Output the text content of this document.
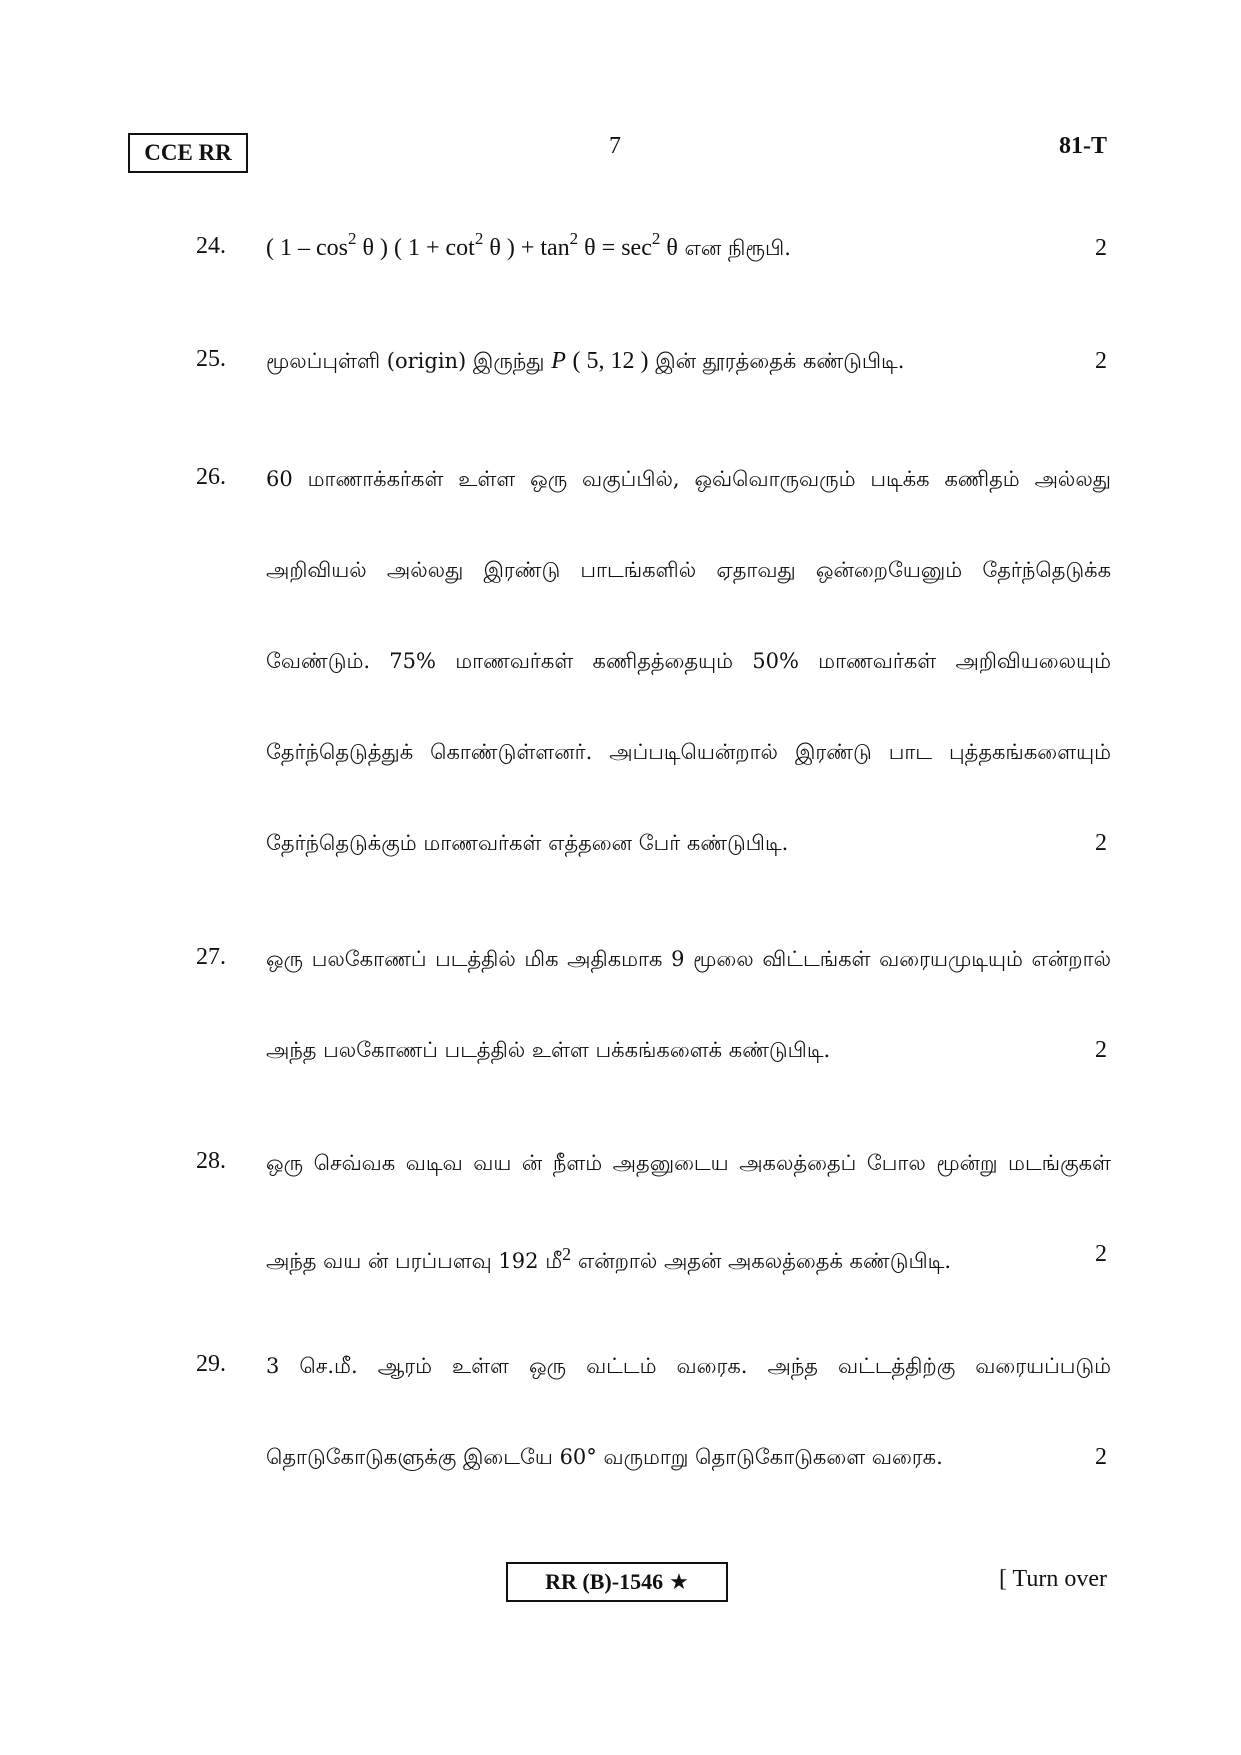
CCE RR	7	81-T
24.	( $1 - \cos^2 \theta$ ) ( $1 + \cot^2 \theta$ ) + $\tan^2 \theta = \sec^2 \theta$ என நிரூபி.	2
25.	மூலப்புள்ளி (origin) இருந்து P ( 5, 12 ) இன் தூரத்தைக் கண்டுபிடி.	2
26.	60 மாணாக்கர்கள் உள்ள ஒரு வகுப்பில், ஒவ்வொருவரும் படிக்க கணிதம் அல்லது
அறிவியல் அல்லது இரண்டு பாடங்களில் ஏதாவது ஒன்றையேனும் தேர்ந்தெடுக்க
வேண்டும். 75% மாணவர்கள் கணிதத்தையும் 50% மாணவர்கள் அறிவியலையும்
தேர்ந்தெடுத்துக் கொண்டுள்ளனர். அப்படியென்றால் இரண்டு பாட புத்தகங்களையும்
தேர்ந்தெடுக்கும் மாணவர்கள் எத்தனை பேர் கண்டுபிடி.	2
27.	ஒரு பலகோணப் படத்தில் மிக அதிகமாக 9 மூலை விட்டங்கள் வரையமுடியும் என்றால்
அந்த பலகோணப் படத்தில் உள்ள பக்கங்களைக் கண்டுபிடி.	2
28.	ஒரு செவ்வக வடிவ வய ன் நீளம் அதனுடைய அகலத்தைப் போல மூன்று மடங்குகள்
அந்த வய ன் பரப்பளவு 192 மீ$^2$ என்றால் அதன் அகலத்தைக் கண்டுபிடி.	2
29.	3 செ.மீ. ஆரம் உள்ள ஒரு வட்டம் வரைக. அந்த வட்டத்திற்கு வரையப்படும்
தொடுகோடுகளுக்கு இடையே 60° வருமாறு தொடுகோடுகளை வரைக.	2
RR (B)-1546 ★	[ Turn over
